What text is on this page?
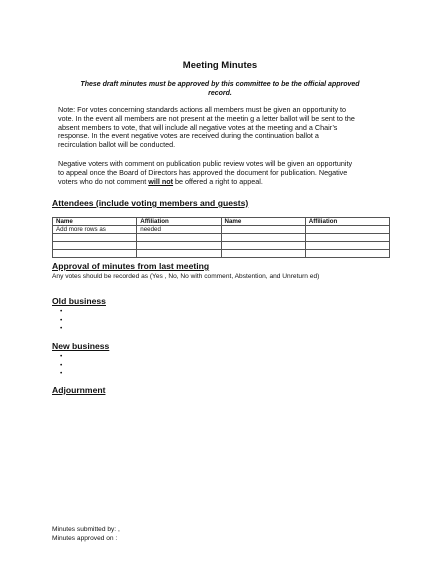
Meeting Minutes
These draft minutes must be approved by this committee to be the official approved record.
Note: For votes concerning standards actions all members must be given an opportunity to
vote. In the event all members are not present at the meetin g a letter ballot will be sent to the
absent members to vote, that will include all negative votes at the meeting and a Chair’s
response. In the event negative votes are received during the continuation ballot a
recirculation ballot will be conducted.
Negative voters with comment on publication public review votes will be given an opportunity
to appeal once the Board of Directors has approved the document for publication. Negative
voters who do not comment will not be offered a right to appeal.
Attendees (include voting members and guests)
Name	Affiliation	Name	Affiliation
Add more rows as	needed		

Approval of minutes from last meeting
Any votes should be recorded as (Yes , No, No with comment, Abstention, and Unreturn ed)
Old business
New business
Adjournment
Minutes submitted by: ,
Minutes approved on :
